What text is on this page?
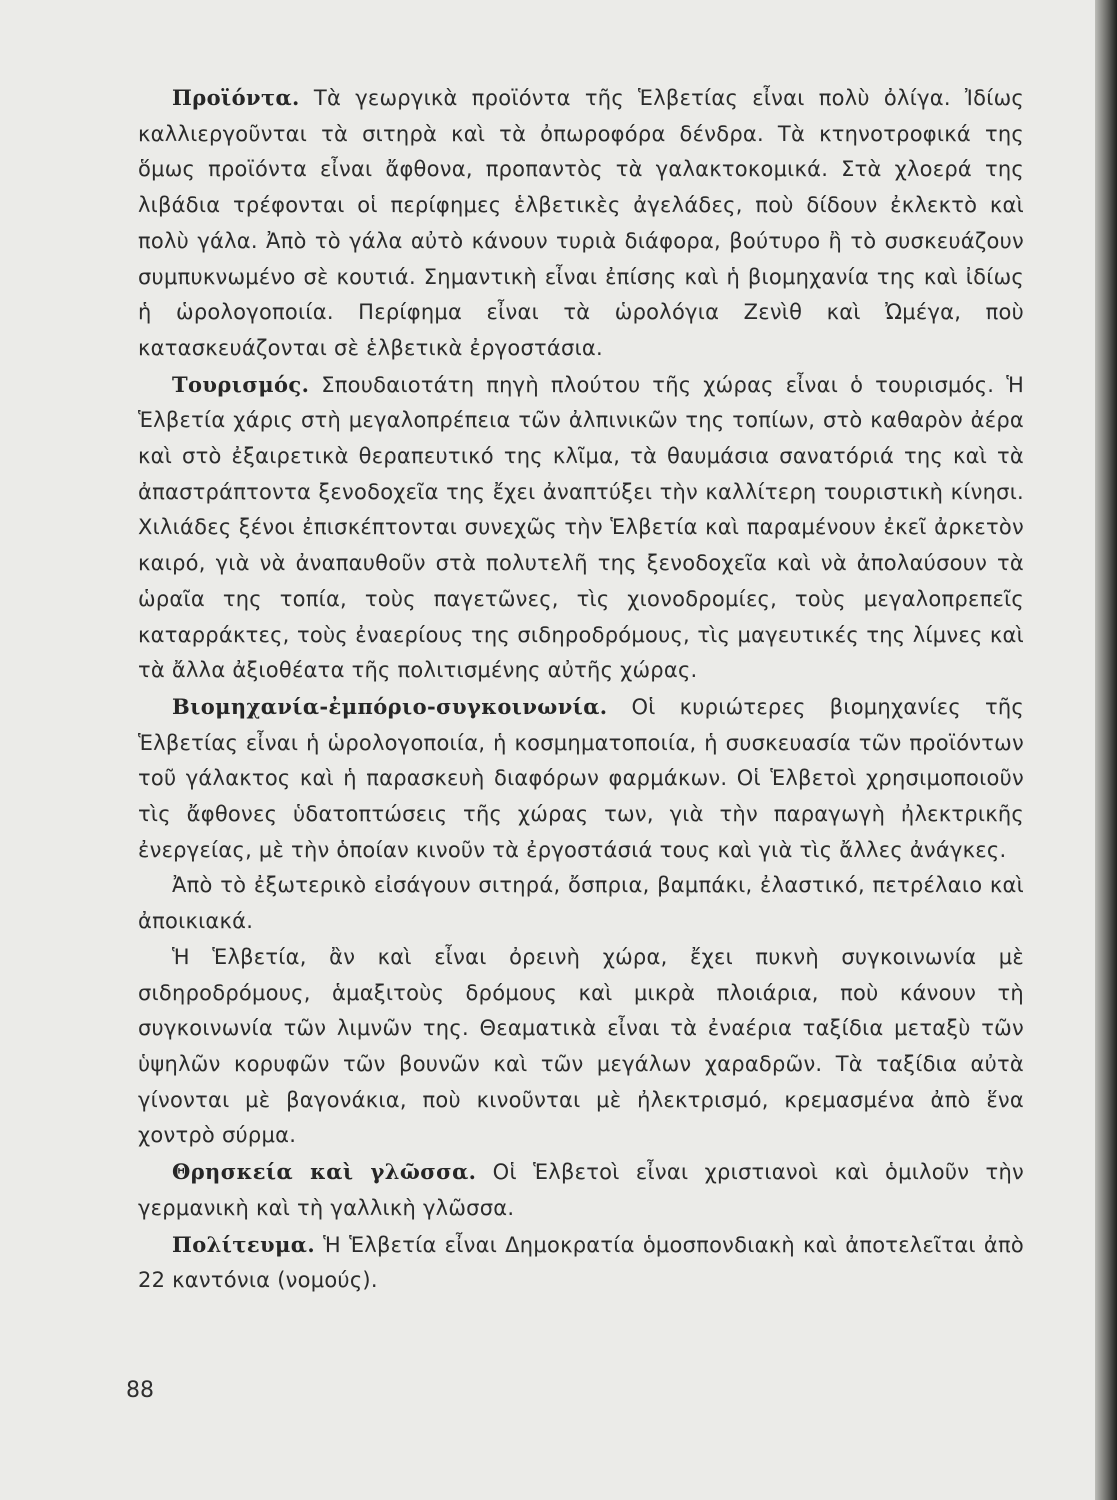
Προϊόντα. Τὰ γεωργικὰ προϊόντα τῆς Ἑλβετίας εἶναι πολὺ ὀλίγα. Ἰδίως καλλιεργοῦνται τὰ σιτηρὰ καὶ τὰ ὀπωροφόρα δένδρα. Τὰ κτηνοτροφικά της ὅμως προϊόντα εἶναι ἄφθονα, προπαντὸς τὰ γαλακτοκομικά. Στὰ χλοερά της λιβάδια τρέφονται οἱ περίφημες ἑλβετικὲς ἀγελάδες, ποὺ δίδουν ἐκλεκτὸ καὶ πολὺ γάλα. Ἀπὸ τὸ γάλα αὐτὸ κάνουν τυριὰ διάφορα, βούτυρο ἢ τὸ συσκευάζουν συμπυκνωμένο σὲ κουτιά. Σημαντικὴ εἶναι ἐπίσης καὶ ἡ βιομηχανία της καὶ ἰδίως ἡ ὡρολογοποιία. Περίφημα εἶναι τὰ ὡρολόγια Ζενὶθ καὶ Ὠμέγα, ποὺ κατασκευάζονται σὲ ἑλβετικὰ ἐργοστάσια.

Τουρισμός. Σπουδαιοτάτη πηγὴ πλούτου τῆς χώρας εἶναι ὁ τουρισμός. Ἡ Ἑλβετία χάρις στὴ μεγαλοπρέπεια τῶν ἀλπινικῶν της τοπίων, στὸ καθαρὸν ἀέρα καὶ στὸ ἐξαιρετικὰ θεραπευτικό της κλῖμα, τὰ θαυμάσια σανατόριά της καὶ τὰ ἀπαστράπτοντα ξενοδοχεῖα της ἔχει ἀναπτύξει τὴν καλλίτερη τουριστικὴ κίνησι. Χιλιάδες ξένοι ἐπισκέπτονται συνεχῶς τὴν Ἑλβετία καὶ παραμένουν ἐκεῖ ἀρκετὸν καιρό, γιὰ νὰ ἀναπαυθοῦν στὰ πολυτελῆ της ξενοδοχεῖα καὶ νὰ ἀπολαύσουν τὰ ὡραῖα της τοπία, τοὺς παγετῶνες, τὶς χιονοδρομίες, τοὺς μεγαλοπρεπεῖς καταρράκτες, τοὺς ἐναερίους της σιδηροδρόμους, τὶς μαγευτικές της λίμνες καὶ τὰ ἄλλα ἀξιοθέατα τῆς πολιτισμένης αὐτῆς χώρας.

Βιομηχανία-ἐμπόριο-συγκοινωνία. Οἱ κυριώτερες βιομηχανίες τῆς Ἑλβετίας εἶναι ἡ ὡρολογοποιία, ἡ κοσμηματοποιία, ἡ συσκευασία τῶν προϊόντων τοῦ γάλακτος καὶ ἡ παρασκευὴ διαφόρων φαρμάκων. Οἱ Ἑλβετοὶ χρησιμοποιοῦν τὶς ἄφθονες ὑδατοπτώσεις τῆς χώρας των, γιὰ τὴν παραγωγὴ ἠλεκτρικῆς ἐνεργείας, μὲ τὴν ὁποίαν κινοῦν τὰ ἐργοστάσιά τους καὶ γιὰ τὶς ἄλλες ἀνάγκες.

Ἀπὸ τὸ ἐξωτερικὸ εἰσάγουν σιτηρά, ὄσπρια, βαμπάκι, ἐλαστικό, πετρέλαιο καὶ ἀποικιακά.

Ἡ Ἑλβετία, ἂν καὶ εἶναι ὀρεινὴ χώρα, ἔχει πυκνὴ συγκοινωνία μὲ σιδηροδρόμους, ἁμαξιτοὺς δρόμους καὶ μικρὰ πλοιάρια, ποὺ κάνουν τὴ συγκοινωνία τῶν λιμνῶν της. Θεαματικὰ εἶναι τὰ ἐναέρια ταξίδια μεταξὺ τῶν ὑψηλῶν κορυφῶν τῶν βουνῶν καὶ τῶν μεγάλων χαραδρῶν. Τὰ ταξίδια αὐτὰ γίνονται μὲ βαγονάκια, ποὺ κινοῦνται μὲ ἠλεκτρισμό, κρεμασμένα ἀπὸ ἕνα χοντρὸ σύρμα.

Θρησκεία καὶ γλῶσσα. Οἱ Ἑλβετοὶ εἶναι χριστιανοὶ καὶ ὁμιλοῦν τὴν γερμανικὴ καὶ τὴ γαλλικὴ γλῶσσα.

Πολίτευμα. Ἡ Ἑλβετία εἶναι Δημοκρατία ὁμοσπονδιακὴ καὶ ἀποτελεῖται ἀπὸ 22 καντόνια (νομούς).

88
